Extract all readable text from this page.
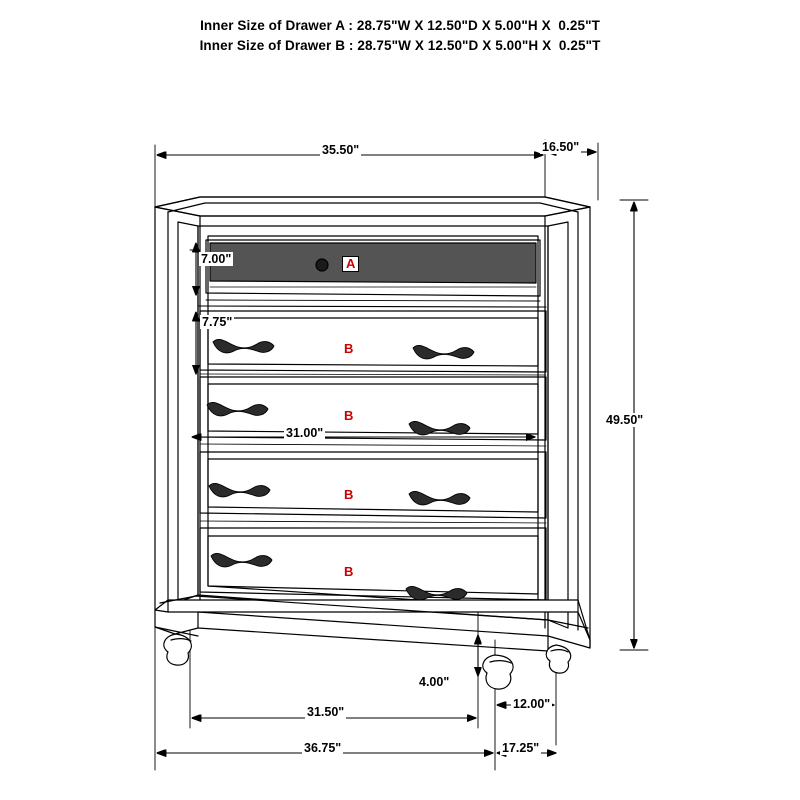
Inner Size of Drawer A : 28.75"W X 12.50"D X 5.00"H X  0.25"T
Inner Size of Drawer B : 28.75"W X 12.50"D X 5.00"H X  0.25"T
35.50"	16.50"
7.00"
7.75"
31.00"
49.50"
4.00"
31.50"
12.00"
36.75"	17.25"
A
B
B
B
B
